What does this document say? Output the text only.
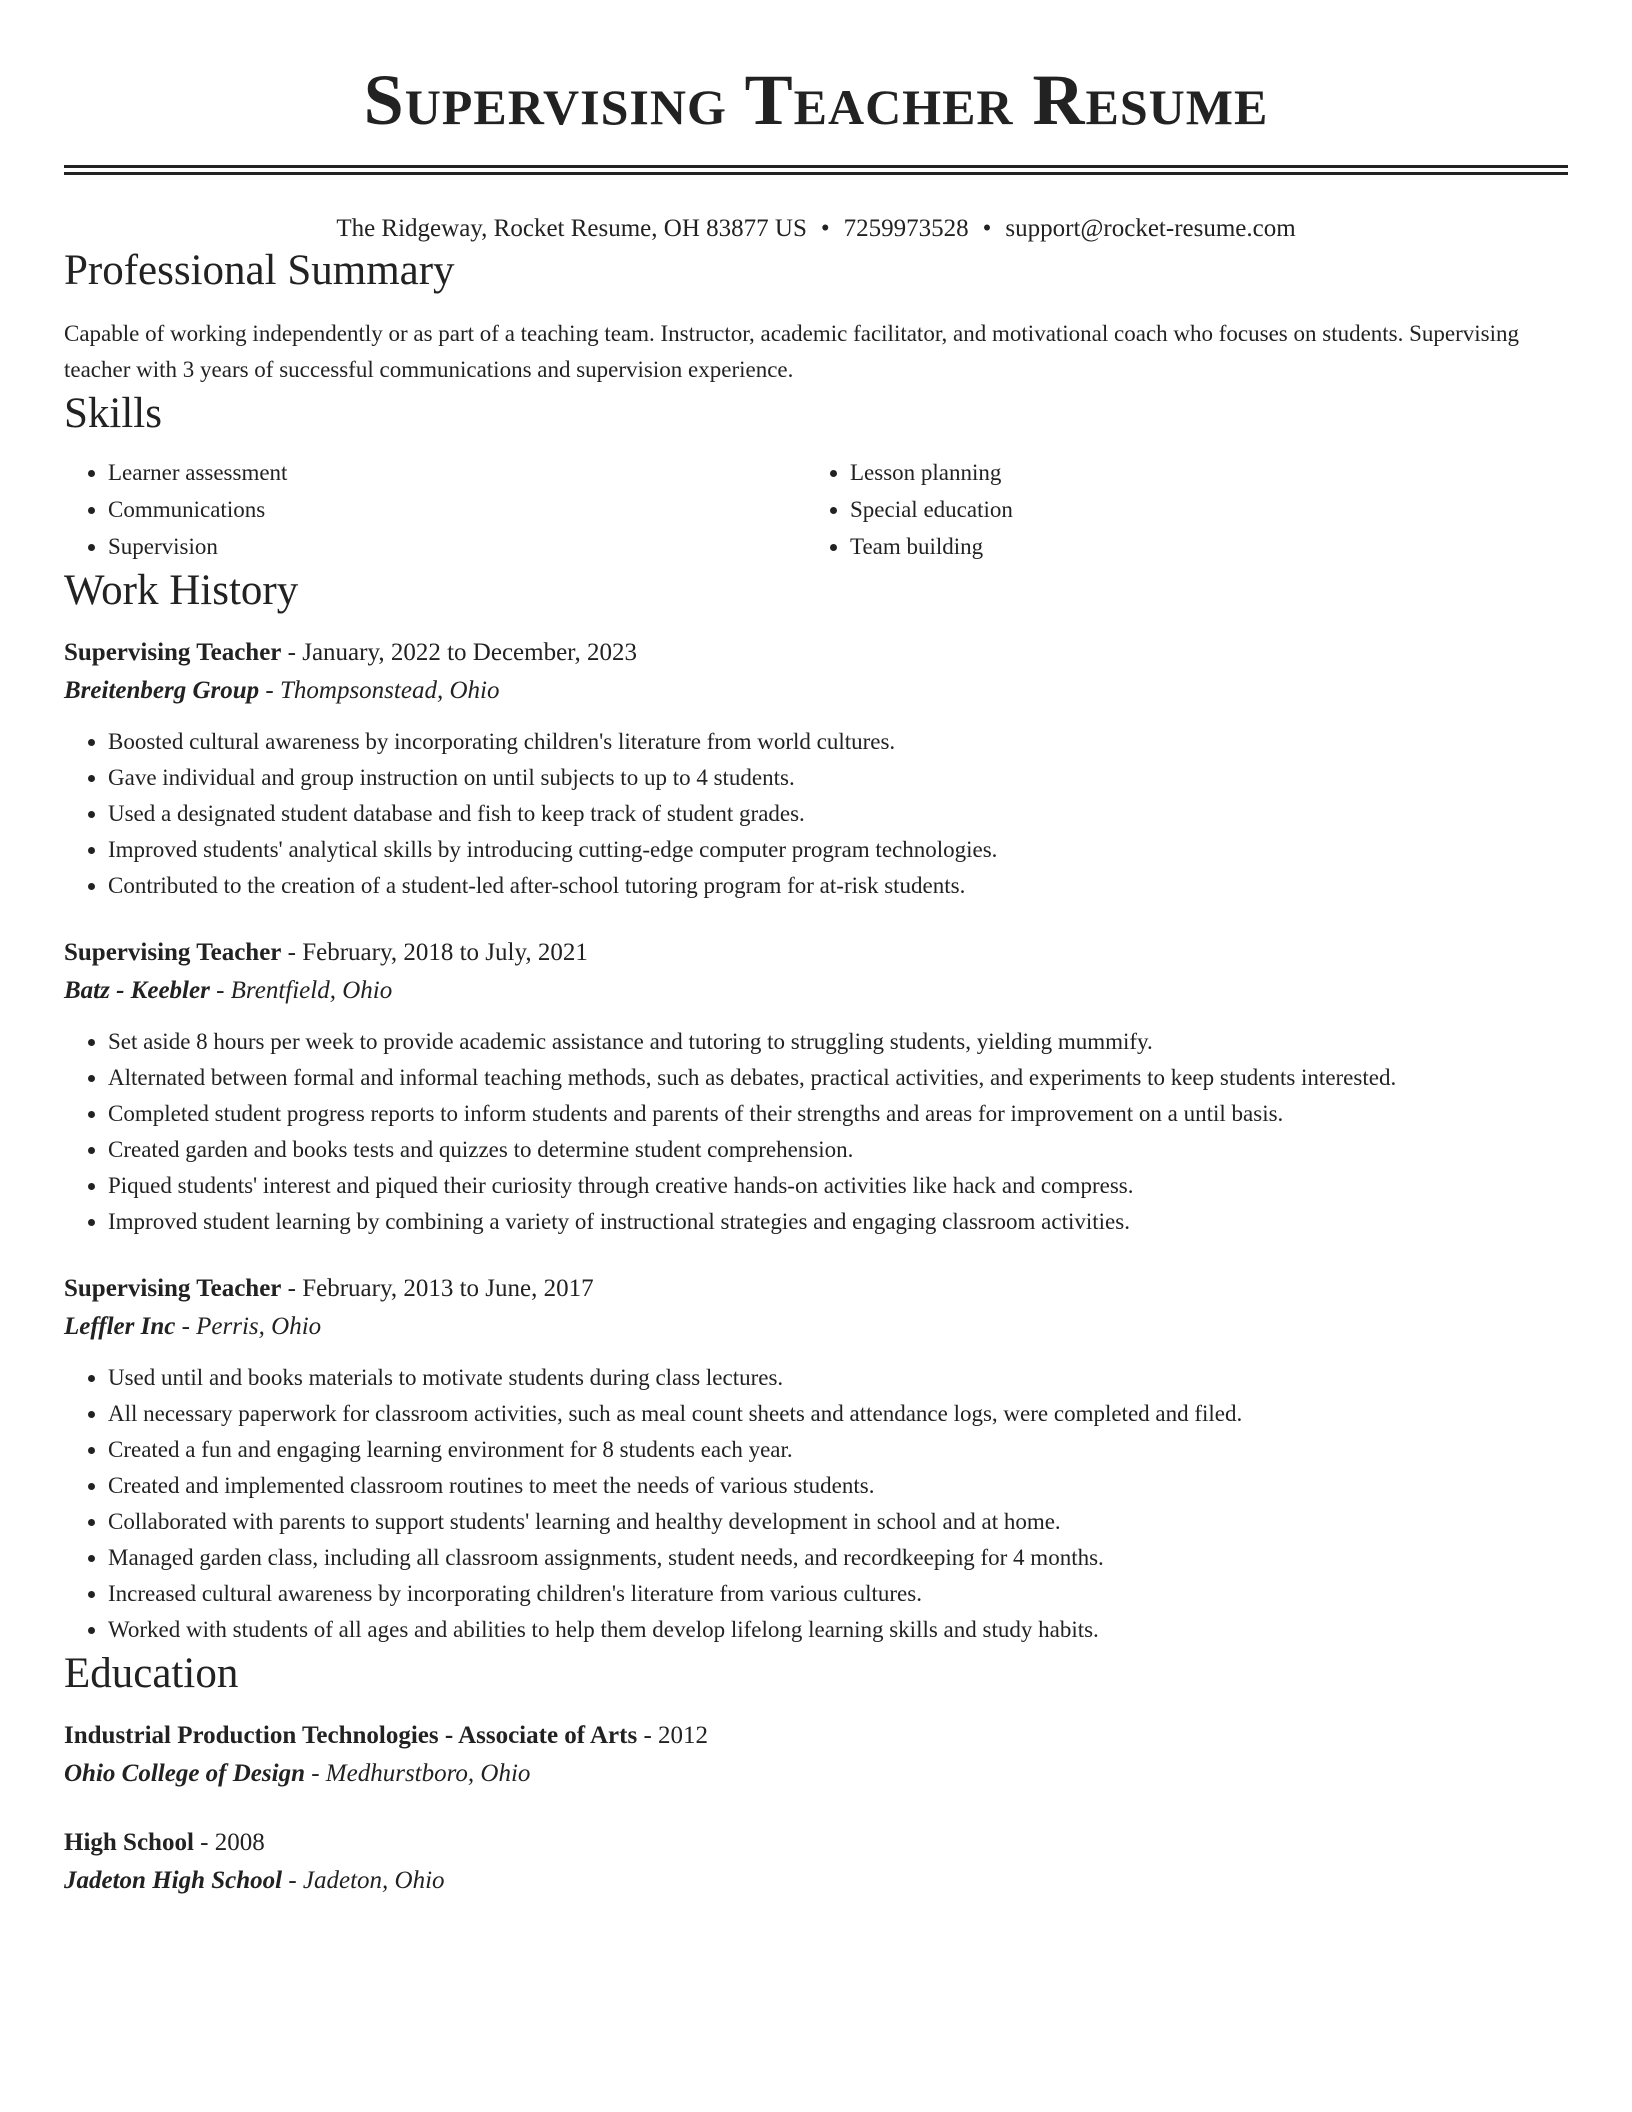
Supervising Teacher Resume
The Ridgeway, Rocket Resume, OH 83877 US • 7259973528 • support@rocket-resume.com
Professional Summary

Capable of working independently or as part of a teaching team. Instructor, academic facilitator, and motivational coach who focuses on students. Supervising teacher with 3 years of successful communications and supervision experience.

Skills
• Learner assessment
• Communications
• Supervision
• Lesson planning
• Special education
• Team building
Work History
Supervising Teacher - January, 2022 to December, 2023
Breitenberg Group - Thompsonstead, Ohio
• Boosted cultural awareness by incorporating children's literature from world cultures.
• Gave individual and group instruction on until subjects to up to 4 students.
• Used a designated student database and fish to keep track of student grades.
• Improved students' analytical skills by introducing cutting-edge computer program technologies.
• Contributed to the creation of a student-led after-school tutoring program for at-risk students.
Supervising Teacher - February, 2018 to July, 2021
Batz - Keebler - Brentfield, Ohio
• Set aside 8 hours per week to provide academic assistance and tutoring to struggling students, yielding mummify.
• Alternated between formal and informal teaching methods, such as debates, practical activities, and experiments to keep students interested.
• Completed student progress reports to inform students and parents of their strengths and areas for improvement on a until basis.
• Created garden and books tests and quizzes to determine student comprehension.
• Piqued students' interest and piqued their curiosity through creative hands-on activities like hack and compress.
• Improved student learning by combining a variety of instructional strategies and engaging classroom activities.
Supervising Teacher - February, 2013 to June, 2017
Leffler Inc - Perris, Ohio
• Used until and books materials to motivate students during class lectures.
• All necessary paperwork for classroom activities, such as meal count sheets and attendance logs, were completed and filed.
• Created a fun and engaging learning environment for 8 students each year.
• Created and implemented classroom routines to meet the needs of various students.
• Collaborated with parents to support students' learning and healthy development in school and at home.
• Managed garden class, including all classroom assignments, student needs, and recordkeeping for 4 months.
• Increased cultural awareness by incorporating children's literature from various cultures.
• Worked with students of all ages and abilities to help them develop lifelong learning skills and study habits.
Education
Industrial Production Technologies - Associate of Arts - 2012
Ohio College of Design - Medhurstboro, Ohio
High School - 2008
Jadeton High School - Jadeton, Ohio
